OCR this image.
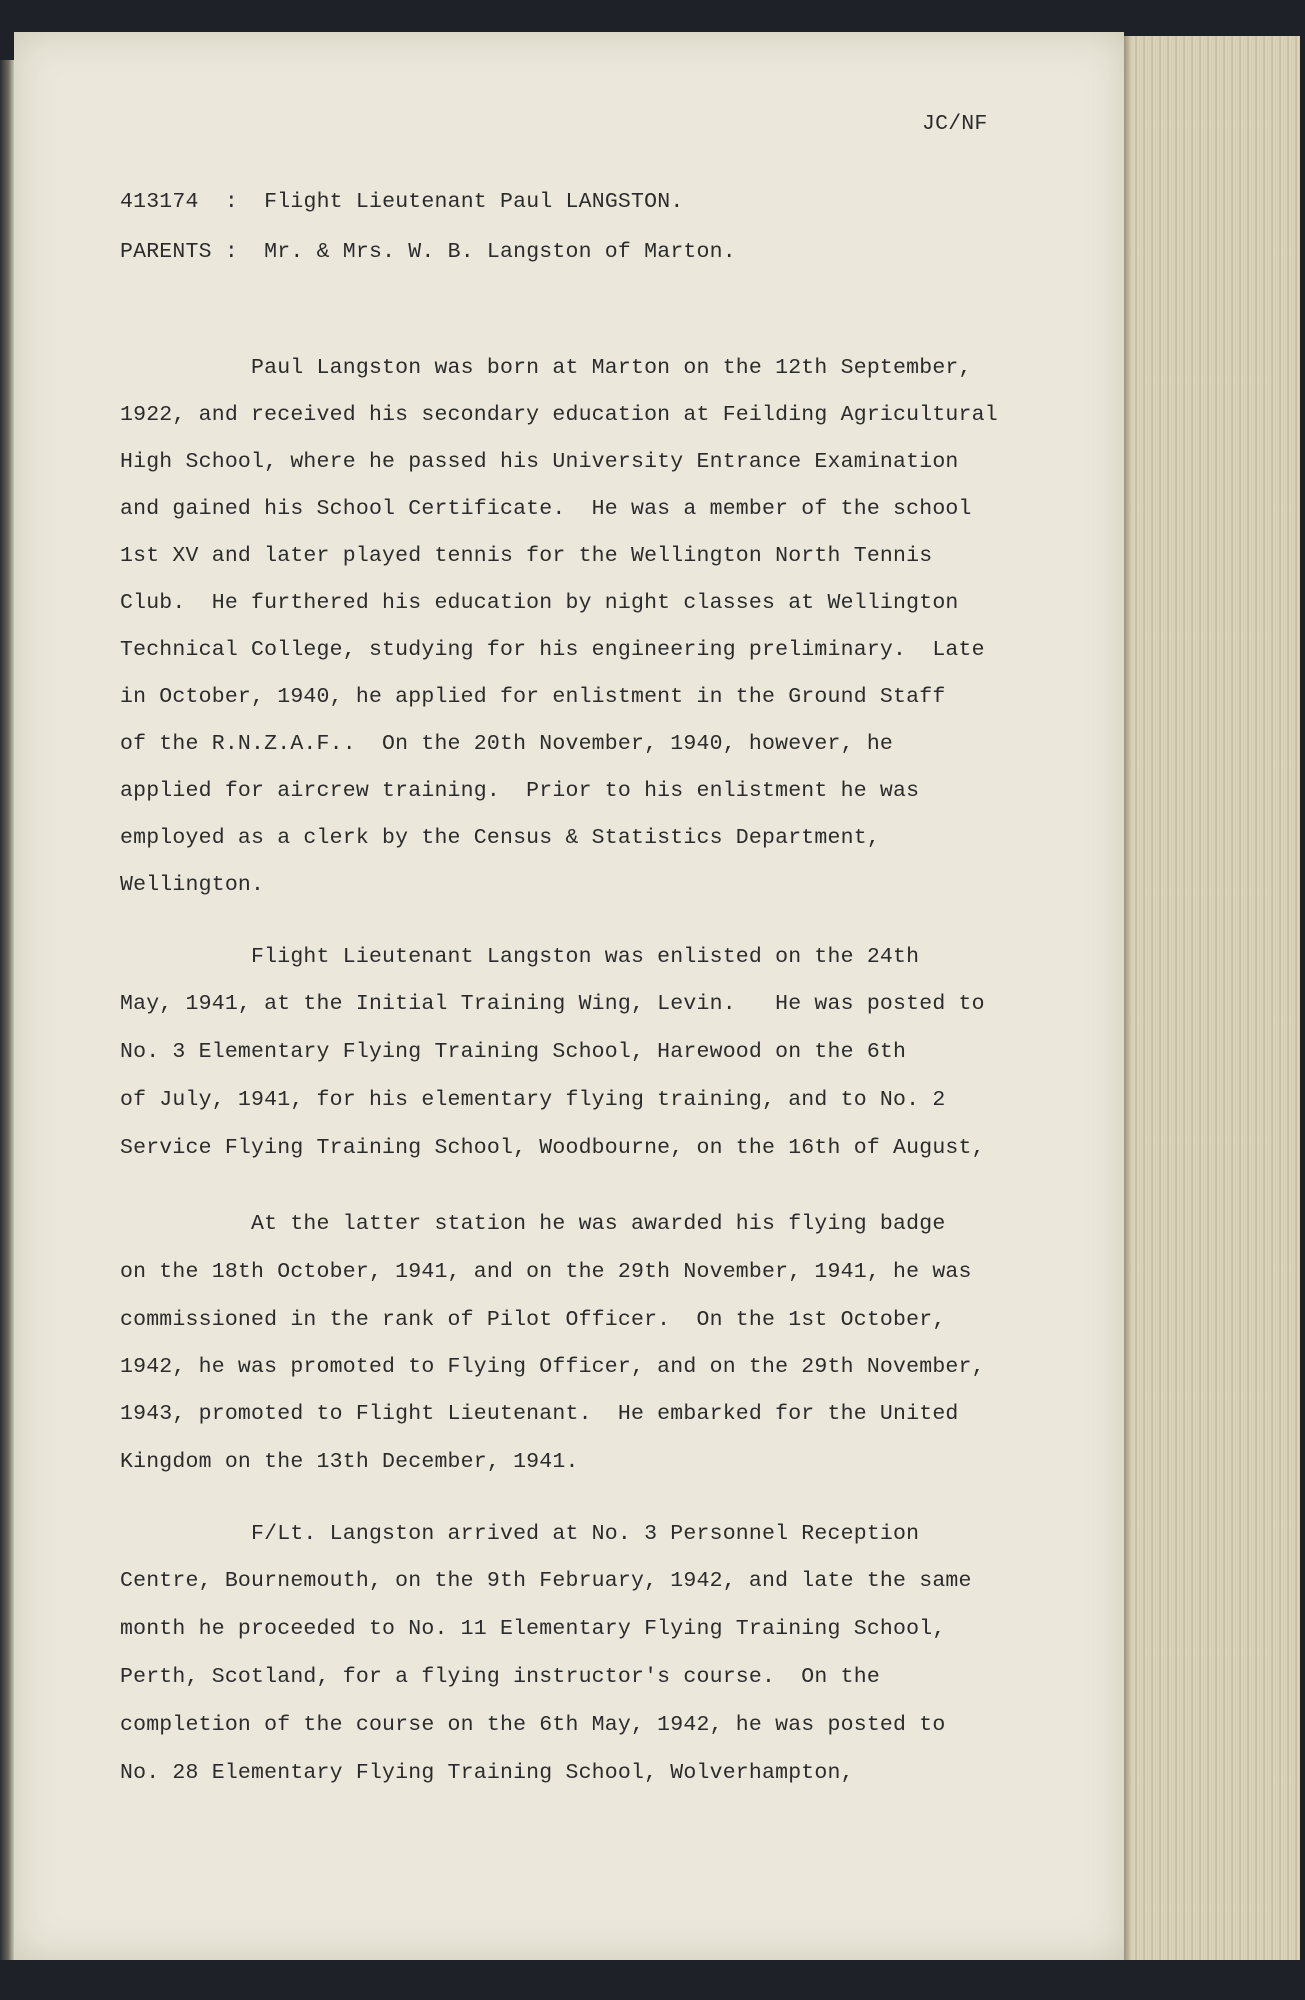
JC/NF
413174 : Flight Lieutenant Paul LANGSTON.
PARENTS : Mr. & Mrs. W. B. Langston of Marton.
Paul Langston was born at Marton on the 12th September,
1922, and received his secondary education at Feilding Agricultural
High School, where he passed his University Entrance Examination
and gained his School Certificate.  He was a member of the school
1st XV and later played tennis for the Wellington North Tennis
Club.  He furthered his education by night classes at Wellington
Technical College, studying for his engineering preliminary.  Late
in October, 1940, he applied for enlistment in the Ground Staff
of the R.N.Z.A.F..  On the 20th November, 1940, however, he
applied for aircrew training.  Prior to his enlistment he was
employed as a clerk by the Census & Statistics Department,
Wellington.
Flight Lieutenant Langston was enlisted on the 24th
May, 1941, at the Initial Training Wing, Levin.   He was posted to
No. 3 Elementary Flying Training School, Harewood on the 6th
of July, 1941, for his elementary flying training, and to No. 2
Service Flying Training School, Woodbourne, on the 16th of August,
At the latter station he was awarded his flying badge
on the 18th October, 1941, and on the 29th November, 1941, he was
commissioned in the rank of Pilot Officer.  On the 1st October,
1942, he was promoted to Flying Officer, and on the 29th November,
1943, promoted to Flight Lieutenant.  He embarked for the United
Kingdom on the 13th December, 1941.
F/Lt. Langston arrived at No. 3 Personnel Reception
Centre, Bournemouth, on the 9th February, 1942, and late the same
month he proceeded to No. 11 Elementary Flying Training School,
Perth, Scotland, for a flying instructor's course.  On the
completion of the course on the 6th May, 1942, he was posted to
No. 28 Elementary Flying Training School, Wolverhampton,
